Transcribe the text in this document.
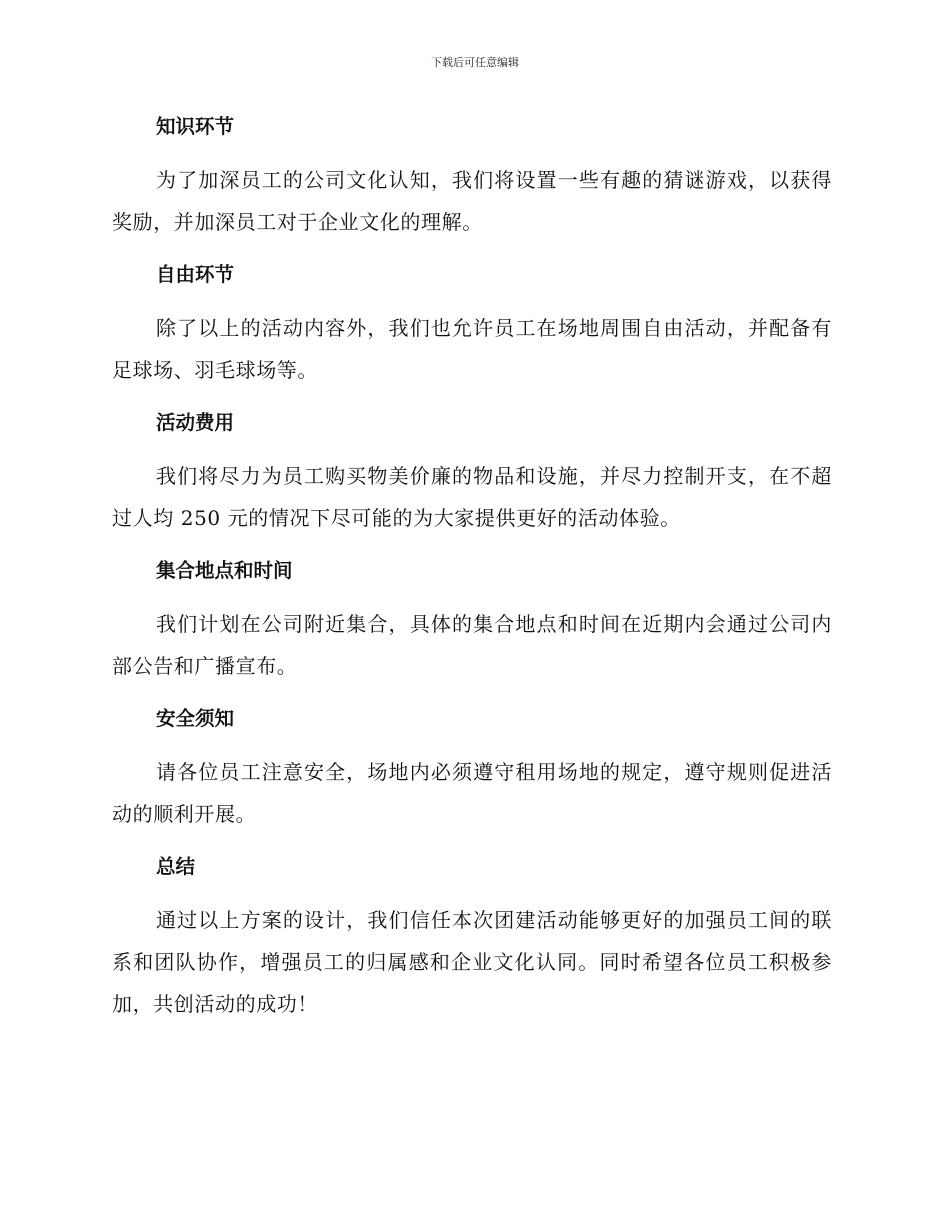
下载后可任意编辑
知识环节

为了加深员工的公司文化认知，我们将设置一些有趣的猜谜游戏，以获得奖励，并加深员工对于企业文化的理解。

自由环节

除了以上的活动内容外，我们也允许员工在场地周围自由活动，并配备有足球场、羽毛球场等。

活动费用

我们将尽力为员工购买物美价廉的物品和设施，并尽力控制开支，在不超过人均 250 元的情况下尽可能的为大家提供更好的活动体验。

集合地点和时间

我们计划在公司附近集合，具体的集合地点和时间在近期内会通过公司内部公告和广播宣布。

安全须知

请各位员工注意安全，场地内必须遵守租用场地的规定，遵守规则促进活动的顺利开展。

总结

通过以上方案的设计，我们信任本次团建活动能够更好的加强员工间的联系和团队协作，增强员工的归属感和企业文化认同。同时希望各位员工积极参加，共创活动的成功！
